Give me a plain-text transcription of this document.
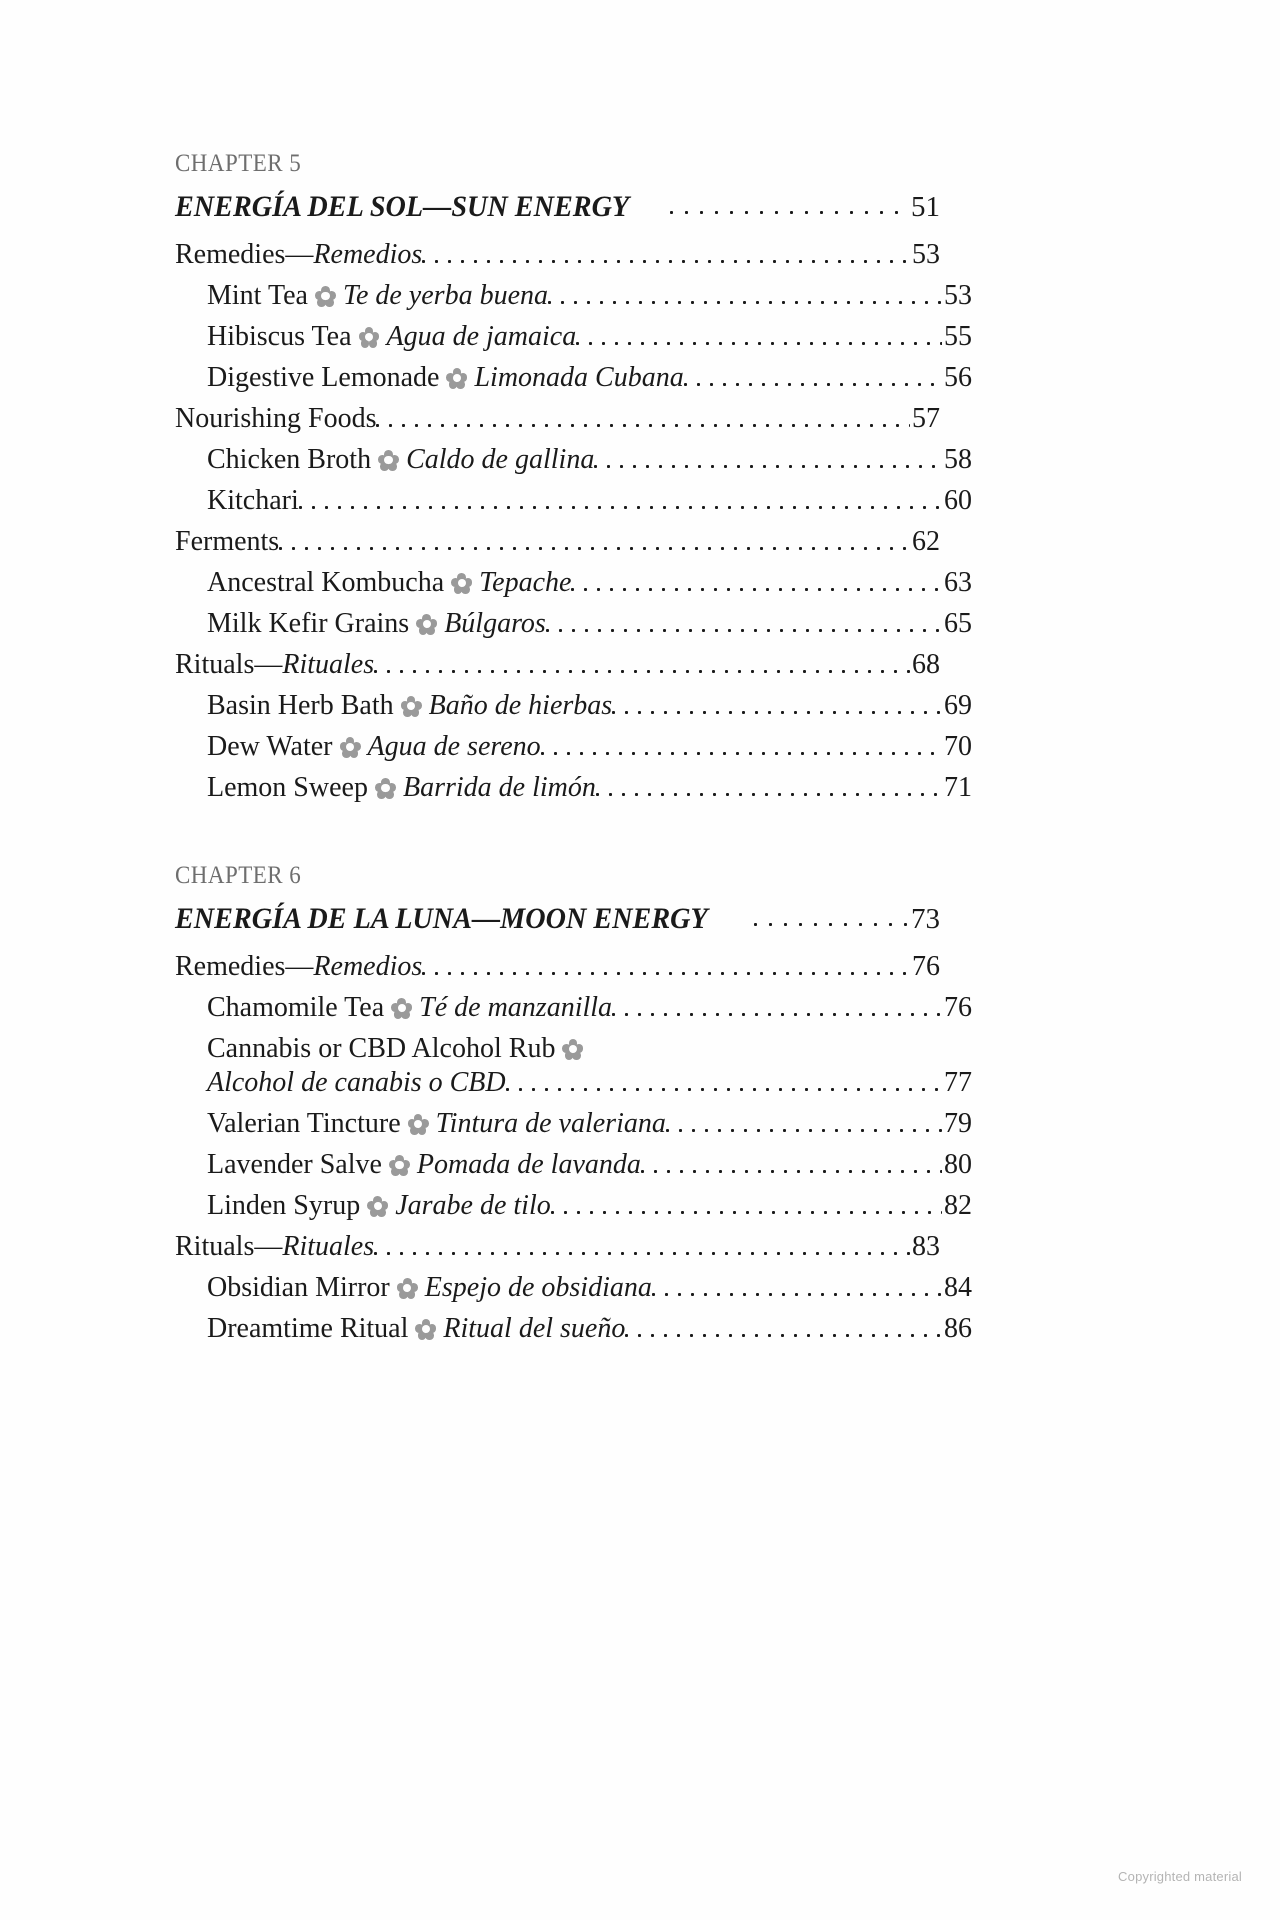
CHAPTER 5
ENERGÍA DEL SOL—SUN ENERGY	51
Remedies—Remedios	53
Mint Tea Te de yerba buena	53
Hibiscus Tea Agua de jamaica	55
Digestive Lemonade Limonada Cubana	56
Nourishing Foods	57
Chicken Broth Caldo de gallina	58
Kitchari	60
Ferments	62
Ancestral Kombucha Tepache	63
Milk Kefir Grains Búlgaros	65
Rituals—Rituales	68
Basin Herb Bath Baño de hierbas	69
Dew Water Agua de sereno	70
Lemon Sweep Barrida de limón	71
CHAPTER 6
ENERGÍA DE LA LUNA—MOON ENERGY	73
Remedies—Remedios	76
Chamomile Tea Té de manzanilla	76
Cannabis or CBD Alcohol Rub
Alcohol de canabis o CBD	77
Valerian Tincture Tintura de valeriana	79
Lavender Salve Pomada de lavanda	80
Linden Syrup Jarabe de tilo	82
Rituals—Rituales	83
Obsidian Mirror Espejo de obsidiana	84
Dreamtime Ritual Ritual del sueño	86
Copyrighted material
